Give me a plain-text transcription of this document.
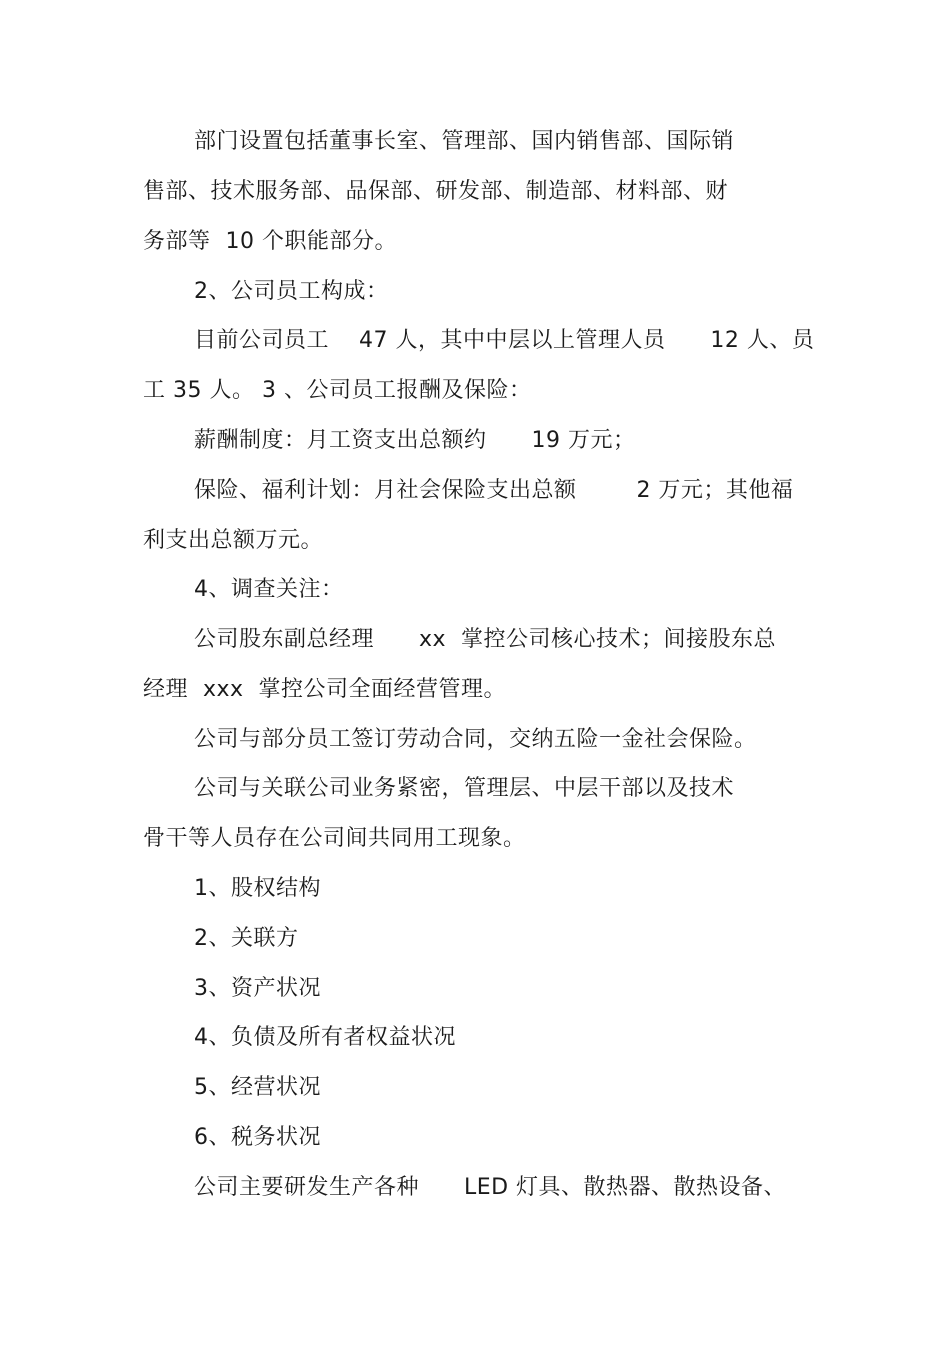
部门设置包括董事长室、管理部、国内销售部、国际销
售部、技术服务部、品保部、研发部、制造部、材料部、财
务部等  10 个职能部分。
2、公司员工构成：
目前公司员工    47 人，其中中层以上管理人员      12 人、员
工 35 人。 3 、公司员工报酬及保险：
薪酬制度：月工资支出总额约      19 万元；
保险、福利计划：月社会保险支出总额        2 万元；其他福
利支出总额万元。
4、调查关注：
公司股东副总经理      xx  掌控公司核心技术；间接股东总
经理  xxx  掌控公司全面经营管理。
公司与部分员工签订劳动合同，交纳五险一金社会保险。
公司与关联公司业务紧密，管理层、中层干部以及技术
骨干等人员存在公司间共同用工现象。
1、股权结构
2、关联方
3、资产状况
4、负债及所有者权益状况
5、经营状况
6、税务状况
公司主要研发生产各种      LED 灯具、散热器、散热设备、
